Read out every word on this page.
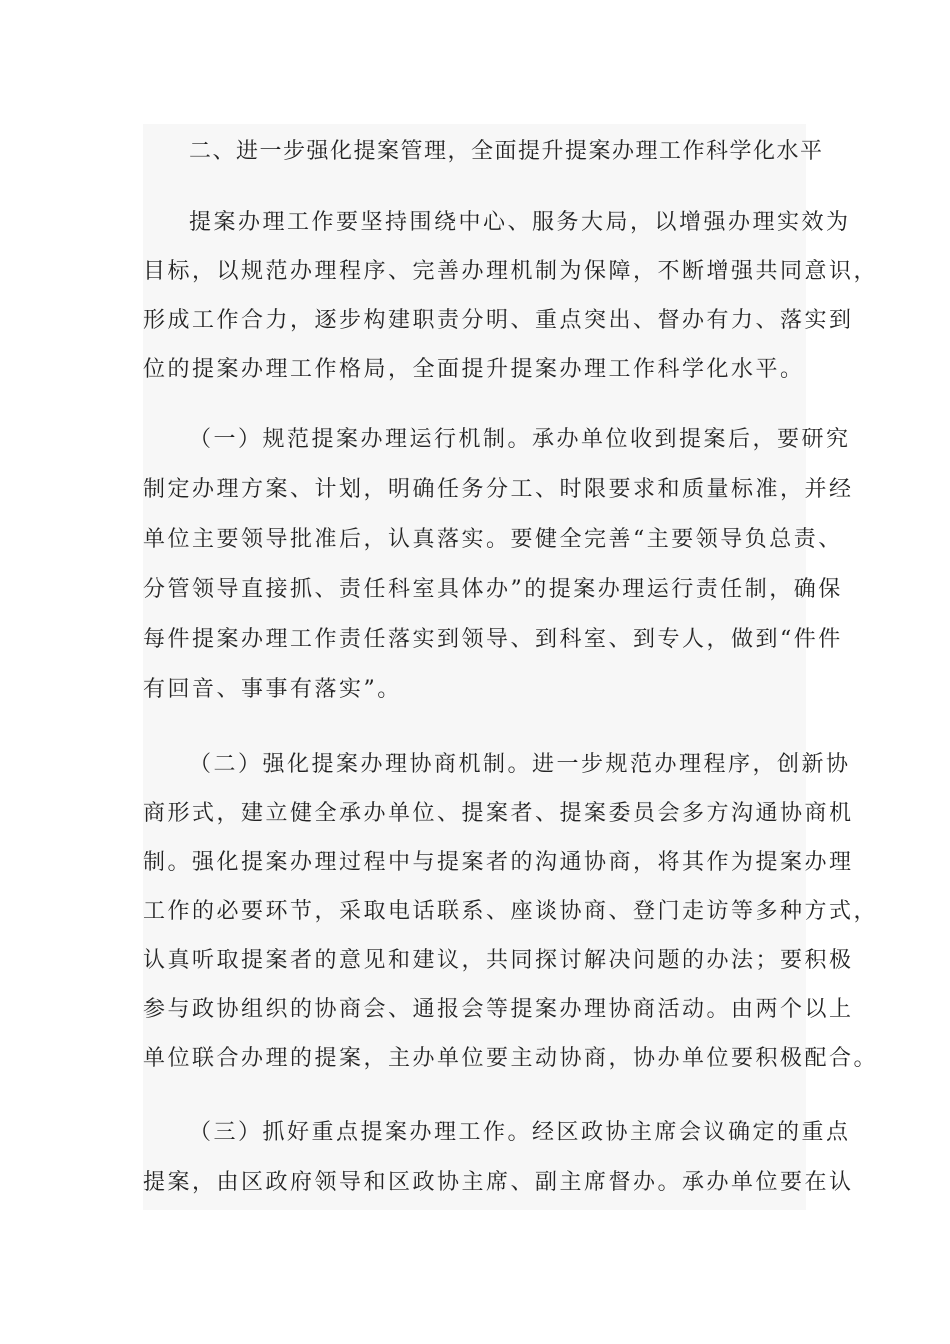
二、进一步强化提案管理，全面提升提案办理工作科学化水平
提案办理工作要坚持围绕中心、服务大局，以增强办理实效为
目标，以规范办理程序、完善办理机制为保障，不断增强共同意识，
形成工作合力，逐步构建职责分明、重点突出、督办有力、落实到
位的提案办理工作格局，全面提升提案办理工作科学化水平。
（一）规范提案办理运行机制。承办单位收到提案后，要研究
制定办理方案、计划，明确任务分工、时限要求和质量标准，并经
单位主要领导批准后，认真落实。要健全完善“主要领导负总责、
分管领导直接抓、责任科室具体办”的提案办理运行责任制，确保
每件提案办理工作责任落实到领导、到科室、到专人，做到“件件
有回音、事事有落实”。
（二）强化提案办理协商机制。进一步规范办理程序，创新协
商形式，建立健全承办单位、提案者、提案委员会多方沟通协商机
制。强化提案办理过程中与提案者的沟通协商，将其作为提案办理
工作的必要环节，采取电话联系、座谈协商、登门走访等多种方式，
认真听取提案者的意见和建议，共同探讨解决问题的办法；要积极
参与政协组织的协商会、通报会等提案办理协商活动。由两个以上
单位联合办理的提案，主办单位要主动协商，协办单位要积极配合。
（三）抓好重点提案办理工作。经区政协主席会议确定的重点
提案，由区政府领导和区政协主席、副主席督办。承办单位要在认
